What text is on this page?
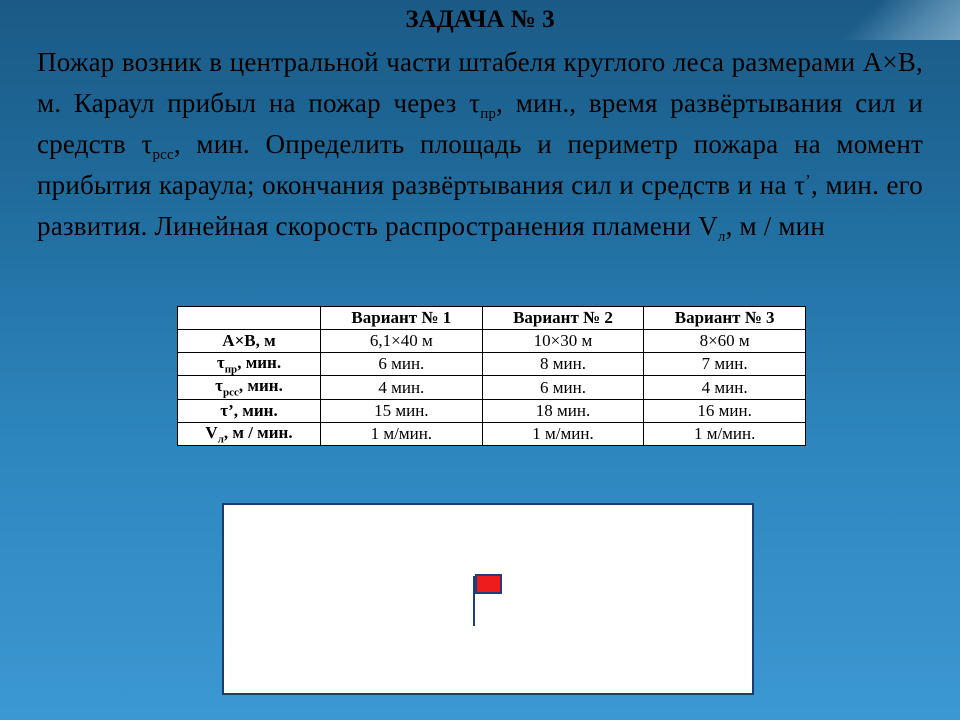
ЗАДАЧА № 3
Пожар возник в центральной части штабеля круглого леса размерами А×В, м. Караул прибыл на пожар через $\tau_{пр}$, мин., время развёртывания сил и средств $\tau_{рсс}$, мин. Определить площадь и периметр пожара на момент прибытия караула; окончания развёртывания сил и средств и на τ’, мин. его развития. Линейная скорость распространения пламени $V_л$, м / мин
	Вариант № 1	Вариант № 2	Вариант № 3
А×В, м	6,1×40 м	10×30 м	8×60 м
$\tau_{пр}$, мин.	6 мин.	8 мин.	7 мин.
$\tau_{рсс}$, мин.	4 мин.	6 мин.	4 мин.
τ’, мин.	15 мин.	18 мин.	16 мин.
$V_л$, м / мин.	1 м/мин.	1 м/мин.	1 м/мин.
